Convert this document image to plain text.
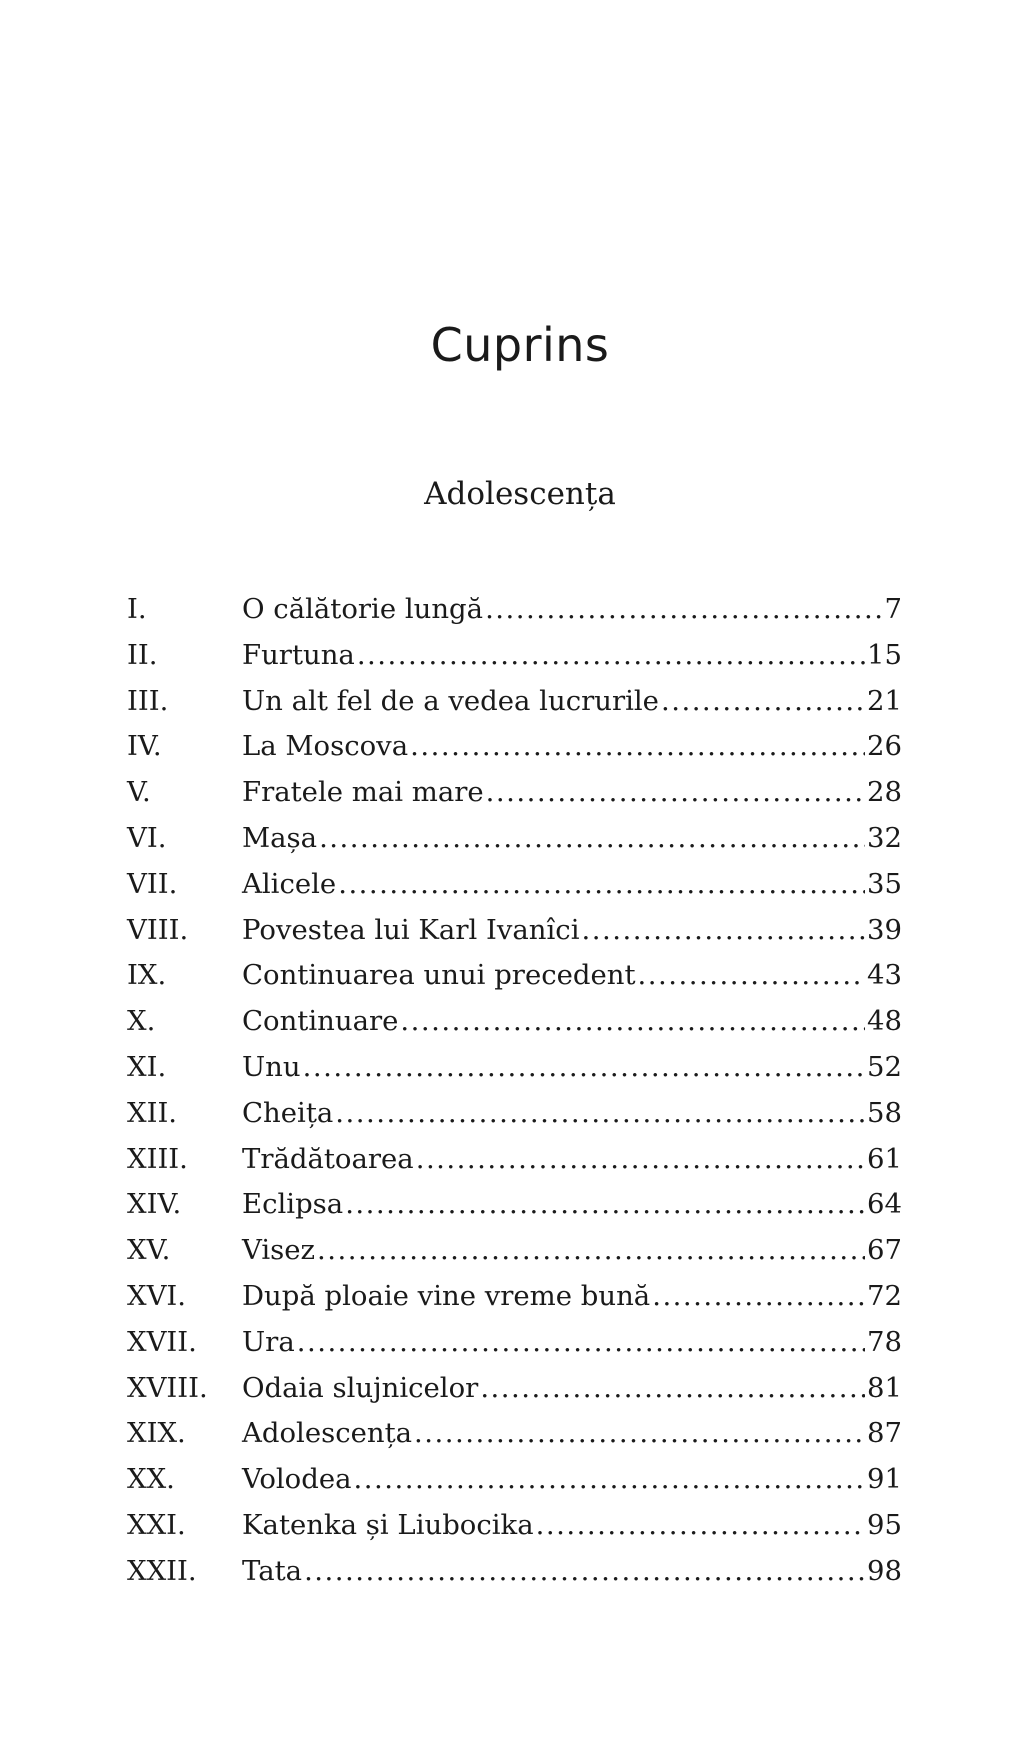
Cuprins
Adolescența
I.	O călătorie lungă .....	7
II.	Furtuna .....	15
III.	Un alt fel de a vedea lucrurile .....	21
IV.	La Moscova .....	26
V.	Fratele mai mare .....	28
VI.	Mașa .....	32
VII.	Alicele .....	35
VIII.	Povestea lui Karl Ivanîci .....	39
IX.	Continuarea unui precedent .....	43
X.	Continuare .....	48
XI.	Unu .....	52
XII.	Cheița .....	58
XIII.	Trădătoarea .....	61
XIV.	Eclipsa .....	64
XV.	Visez .....	67
XVI.	După ploaie vine vreme bună .....	72
XVII.	Ura .....	78
XVIII.	Odaia slujnicelor .....	81
XIX.	Adolescența .....	87
XX.	Volodea .....	91
XXI.	Katenka și Liubocika .....	95
XXII.	Tata .....	98
